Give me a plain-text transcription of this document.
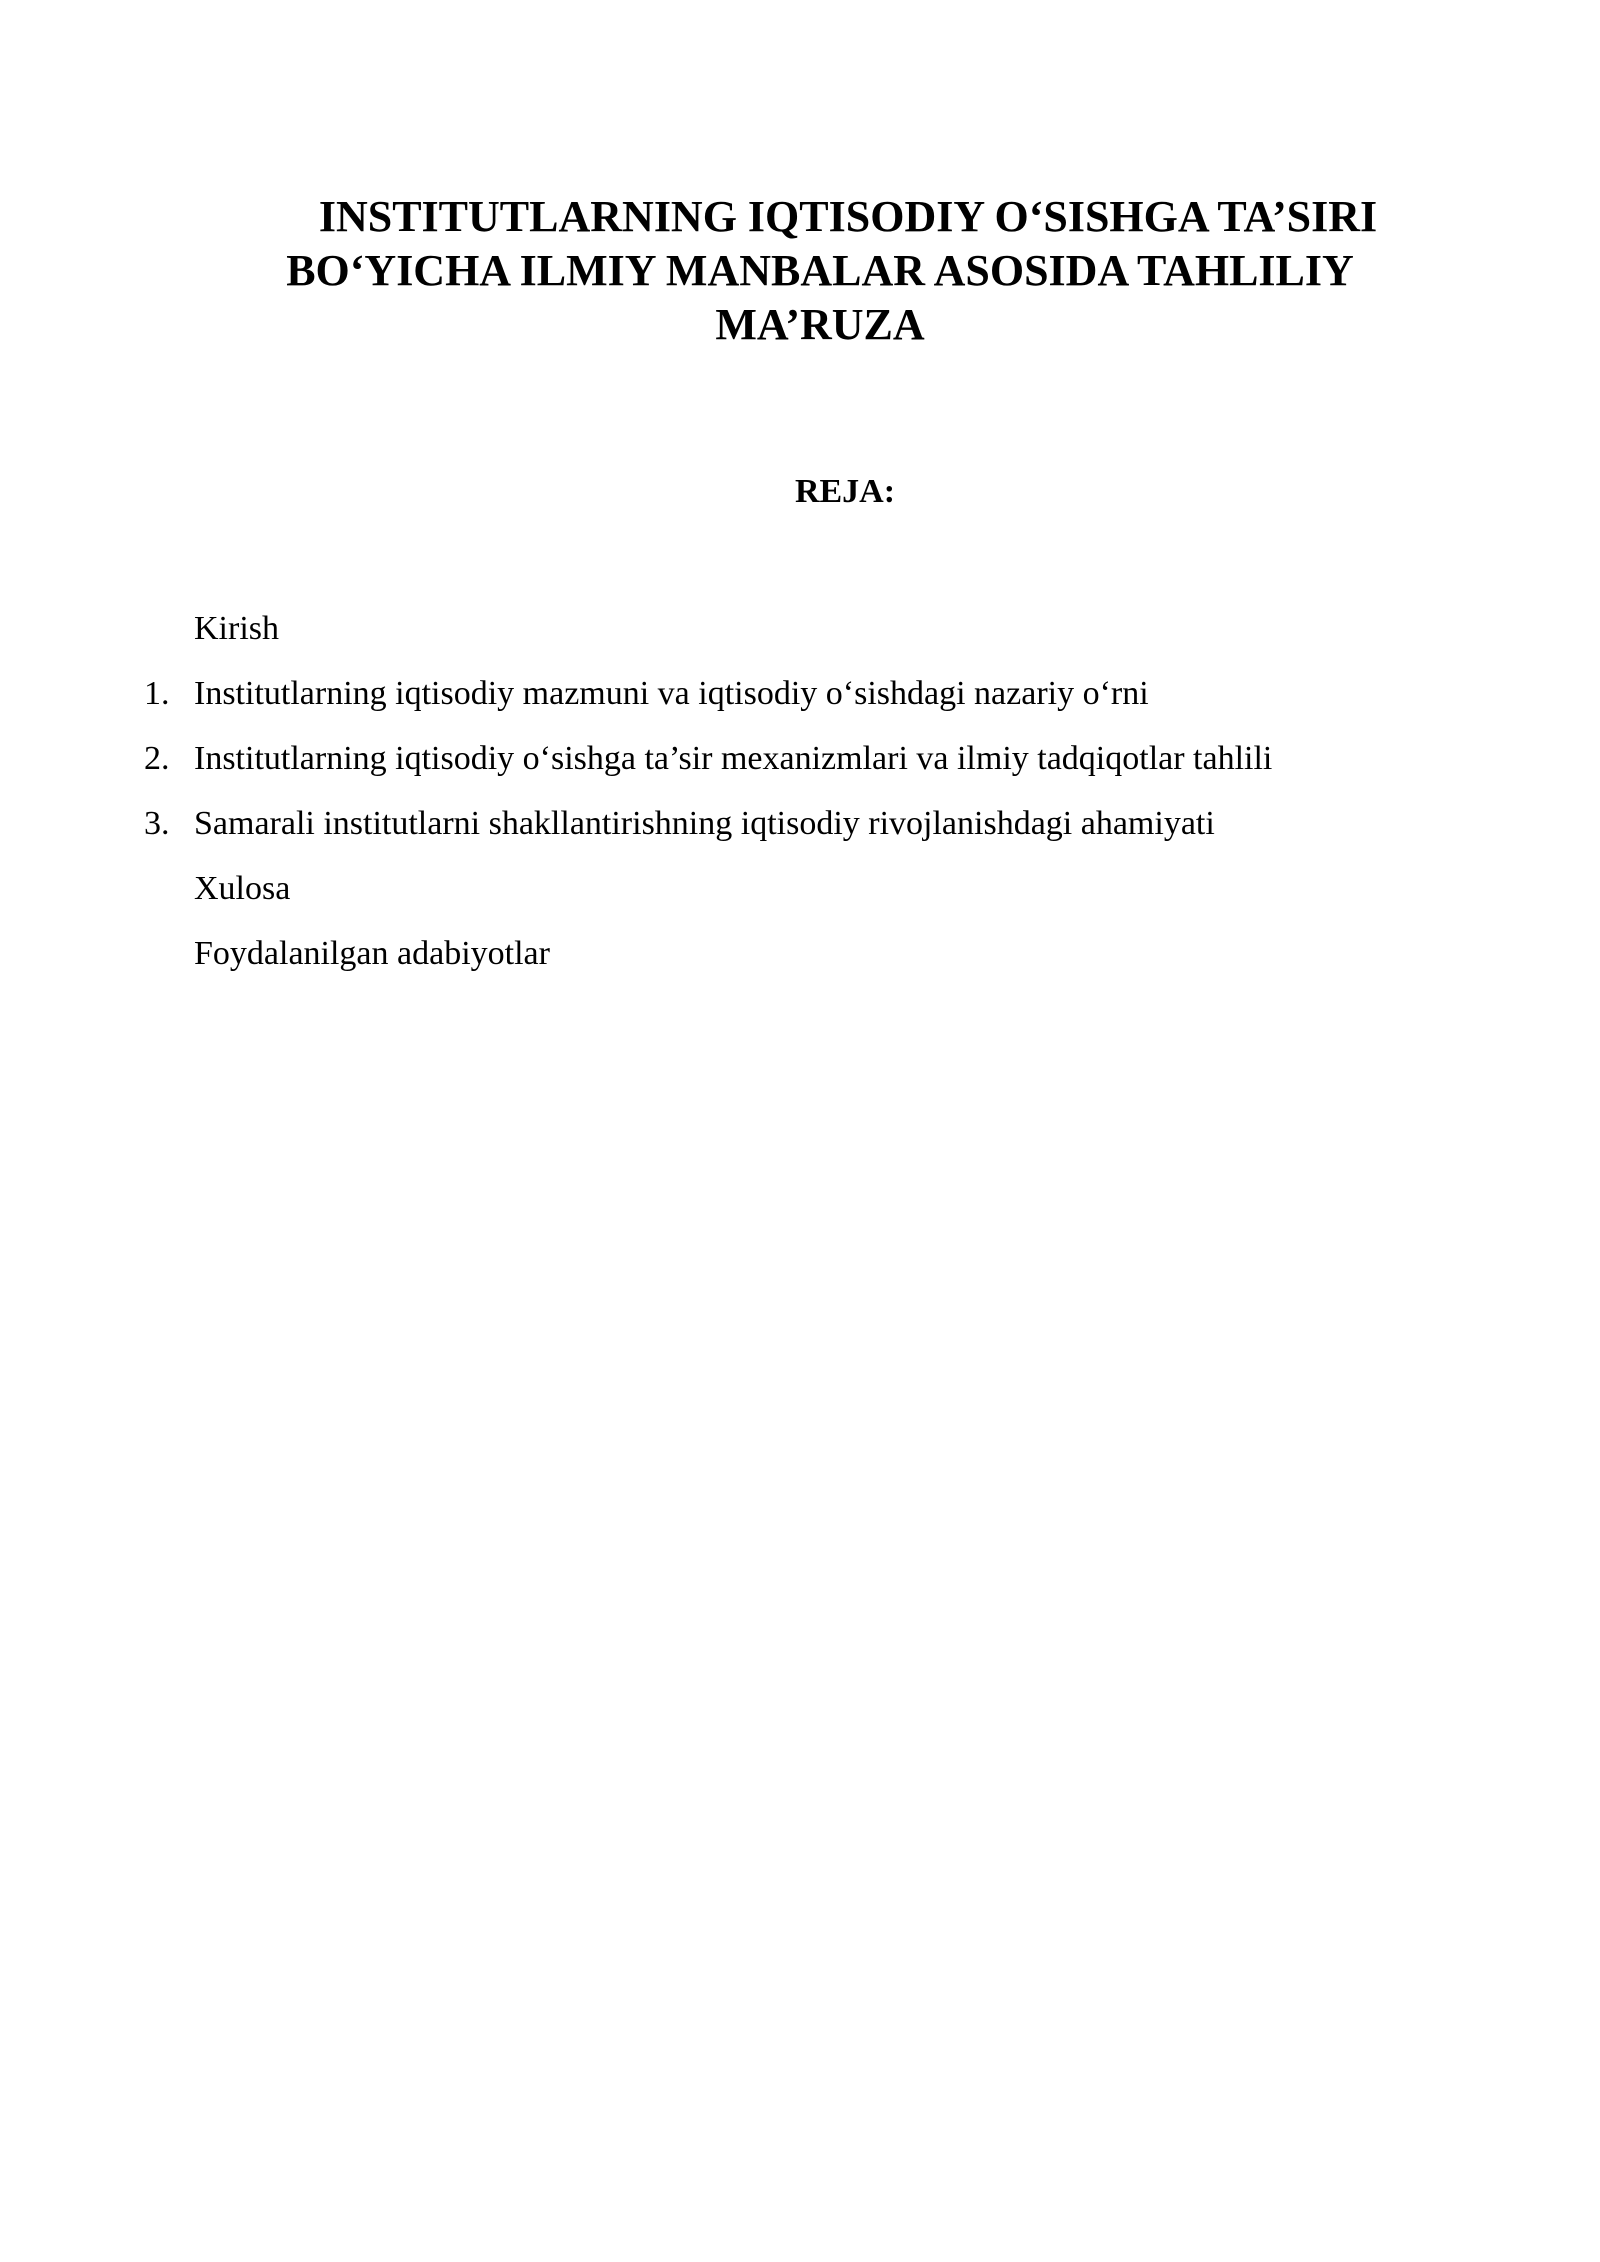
INSTITUTLARNING IQTISODIY O‘SISHGA TA’SIRI BO‘YICHA ILMIY MANBALAR ASOSIDA TAHLILIY MA’RUZA
REJA:
Kirish
1. Institutlarning iqtisodiy mazmuni va iqtisodiy o‘sishdagi nazariy o‘rni
2. Institutlarning iqtisodiy o‘sishga ta’sir mexanizmlari va ilmiy tadqiqotlar tahlili
3. Samarali institutlarni shakllantirishning iqtisodiy rivojlanishdagi ahamiyati
Xulosa
Foydalanilgan adabiyotlar
